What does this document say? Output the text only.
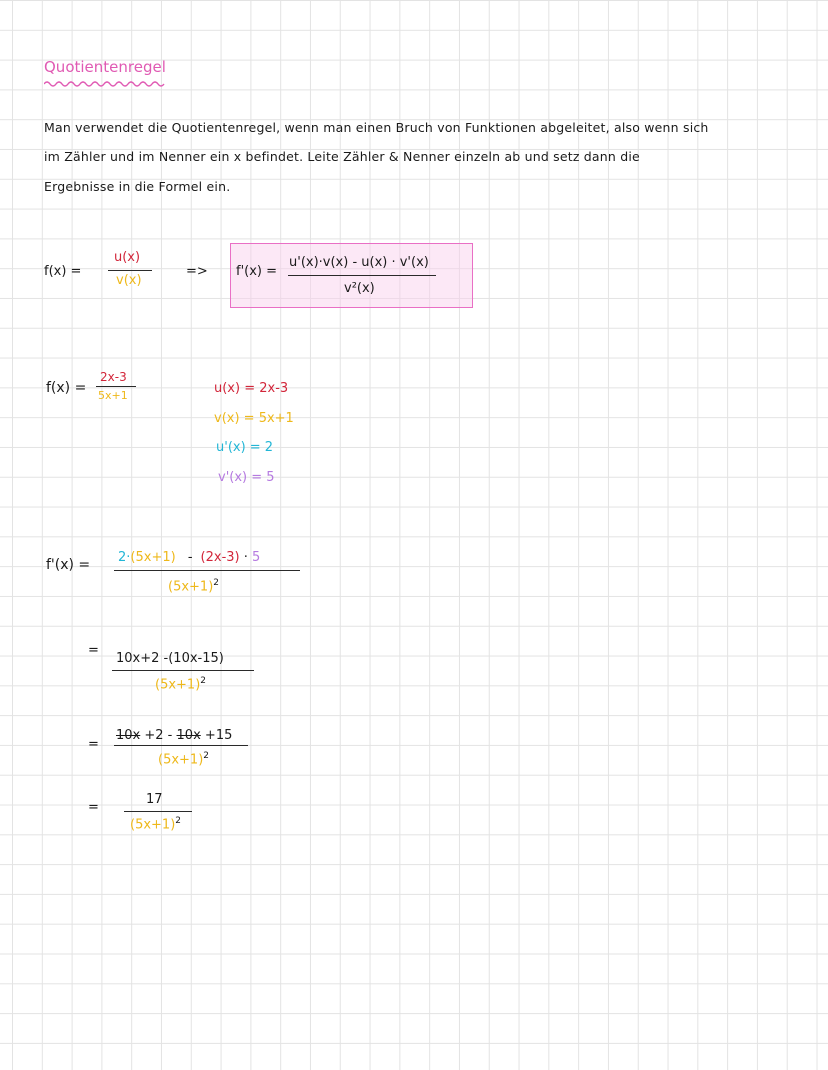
Quotientenregel
Man verwendet die Quotientenregel, wenn man einen Bruch von Funktionen abgeleitet, also wenn sich
im Zähler und im Nenner ein x befindet. Leite Zähler & Nenner einzeln ab und setz dann die
Ergebnisse in die Formel ein.
f(x) =
u(x)
v(x)
=> f'(x) =
u'(x)·v(x) - u(x) · v'(x)
v²(x)
f(x) =
2x-3
5x+1	u(x) = 2x-3
v(x) = 5x+1
u'(x) = 2
v'(x) = 5
f'(x) = 2·(5x+1) - (2x-3) · 5
$(5x+1)^2$
=
10x+2 -(10x-15)
$(5x+1)^2$
=
10x +2 - 10x +15
$(5x+1)^2$
=
17
$(5x+1)^2$
